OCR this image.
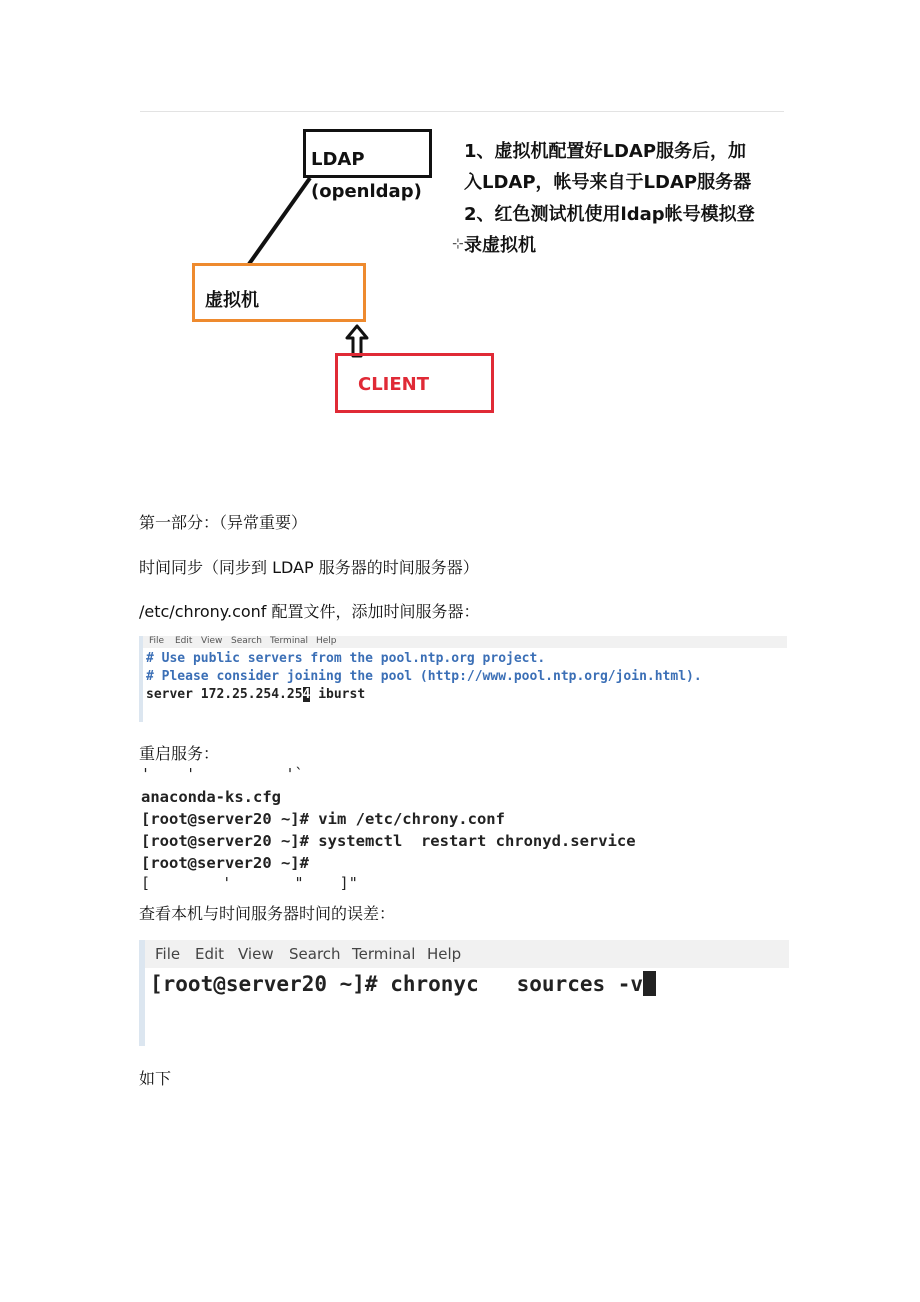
LDAP
(openldap)
虚拟机
CLIENT
1、虚拟机配置好LDAP服务后，加
入LDAP，帐号来自于LDAP服务器
2、红色测试机使用ldap帐号模拟登
录虚拟机
⊹
第一部分：（异常重要）
时间同步（同步到 LDAP 服务器的时间服务器）
/etc/chrony.conf 配置文件，添加时间服务器：
File Edit View Search Terminal Help
# Use public servers from the pool.ntp.org project.
# Please consider joining the pool (http://www.pool.ntp.org/join.html).
server 172.25.254.254 iburst
重启服务：
'    '          '`
anaconda-ks.cfg
[root@server20 ~]# vim /etc/chrony.conf
[root@server20 ~]# systemctl  restart chronyd.service
[root@server20 ~]#
[        '       "    ]"
查看本机与时间服务器时间的误差：
File Edit View Search Terminal Help
[root@server20 ~]# chronyc   sources -v
如下
